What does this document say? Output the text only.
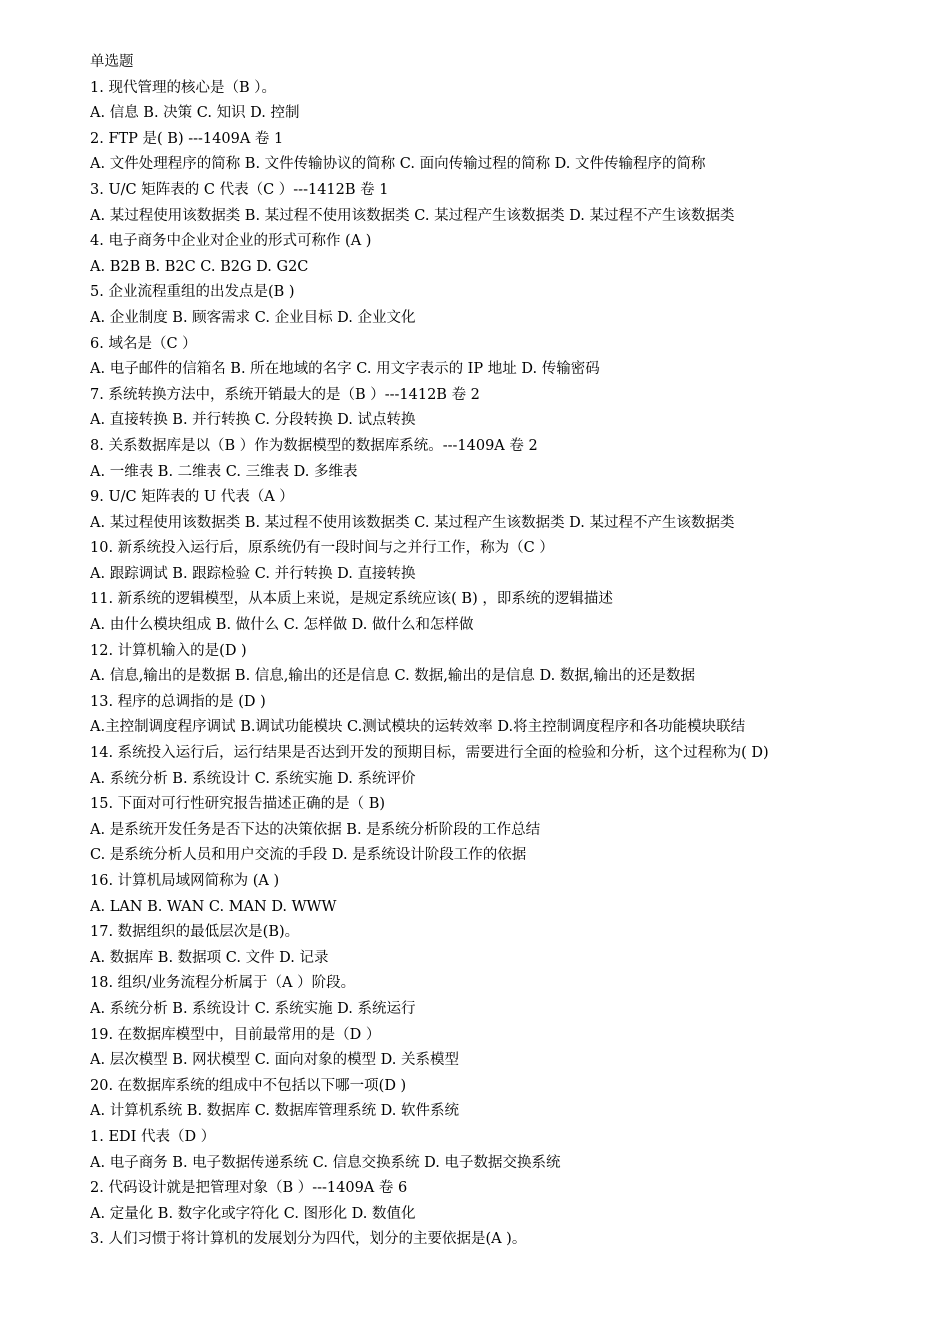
单选题
1. 现代管理的核心是（B ）。
A. 信息 B. 决策 C. 知识 D. 控制
2. FTP 是( B) ---1409A 卷 1
A. 文件处理程序的简称 B. 文件传输协议的简称 C. 面向传输过程的简称 D. 文件传输程序的简称
3. U/C 矩阵表的 C 代表（C ）---1412B 卷 1
A. 某过程使用该数据类 B. 某过程不使用该数据类 C. 某过程产生该数据类 D. 某过程不产生该数据类
4. 电子商务中企业对企业的形式可称作 (A )
A. B2B B. B2C C. B2G D. G2C
5. 企业流程重组的出发点是(B )
A. 企业制度 B. 顾客需求 C. 企业目标 D. 企业文化
6. 域名是（C ）
A. 电子邮件的信箱名 B. 所在地域的名字 C. 用文字表示的 IP 地址 D. 传输密码
7. 系统转换方法中，系统开销最大的是（B ）---1412B 卷 2
A. 直接转换 B. 并行转换 C. 分段转换 D. 试点转换
8. 关系数据库是以（B ）作为数据模型的数据库系统。---1409A 卷 2
A. 一维表 B. 二维表 C. 三维表 D. 多维表
9. U/C 矩阵表的 U 代表（A ）
A. 某过程使用该数据类 B. 某过程不使用该数据类 C. 某过程产生该数据类 D. 某过程不产生该数据类
10. 新系统投入运行后，原系统仍有一段时间与之并行工作，称为（C ）
A. 跟踪调试 B. 跟踪检验 C. 并行转换 D. 直接转换
11. 新系统的逻辑模型，从本质上来说，是规定系统应该( B) ，即系统的逻辑描述
A. 由什么模块组成 B. 做什么 C. 怎样做 D. 做什么和怎样做
12. 计算机输入的是(D )
A. 信息,输出的是数据 B. 信息,输出的还是信息 C. 数据,输出的是信息 D. 数据,输出的还是数据
13. 程序的总调指的是 (D )
A.主控制调度程序调试 B.调试功能模块 C.测试模块的运转效率 D.将主控制调度程序和各功能模块联结
14. 系统投入运行后，运行结果是否达到开发的预期目标，需要进行全面的检验和分析，这个过程称为( D)
A. 系统分析 B. 系统设计 C. 系统实施 D. 系统评价
15. 下面对可行性研究报告描述正确的是（ B)
A. 是系统开发任务是否下达的决策依据 B. 是系统分析阶段的工作总结
C. 是系统分析人员和用户交流的手段 D. 是系统设计阶段工作的依据
16. 计算机局域网简称为 (A )
A. LAN B. WAN C. MAN D. WWW
17. 数据组织的最低层次是(B)。
A. 数据库 B. 数据项 C. 文件 D. 记录
18. 组织/业务流程分析属于（A ）阶段。
A. 系统分析 B. 系统设计 C. 系统实施 D. 系统运行
19. 在数据库模型中，目前最常用的是（D ）
A. 层次模型 B. 网状模型 C. 面向对象的模型 D. 关系模型
20. 在数据库系统的组成中不包括以下哪一项(D )
A. 计算机系统 B. 数据库 C. 数据库管理系统 D. 软件系统
1. EDI 代表（D ）
A. 电子商务 B. 电子数据传递系统 C. 信息交换系统 D. 电子数据交换系统
2. 代码设计就是把管理对象（B ）---1409A 卷 6
A. 定量化 B. 数字化或字符化 C. 图形化 D. 数值化
3. 人们习惯于将计算机的发展划分为四代，划分的主要依据是(A )。
